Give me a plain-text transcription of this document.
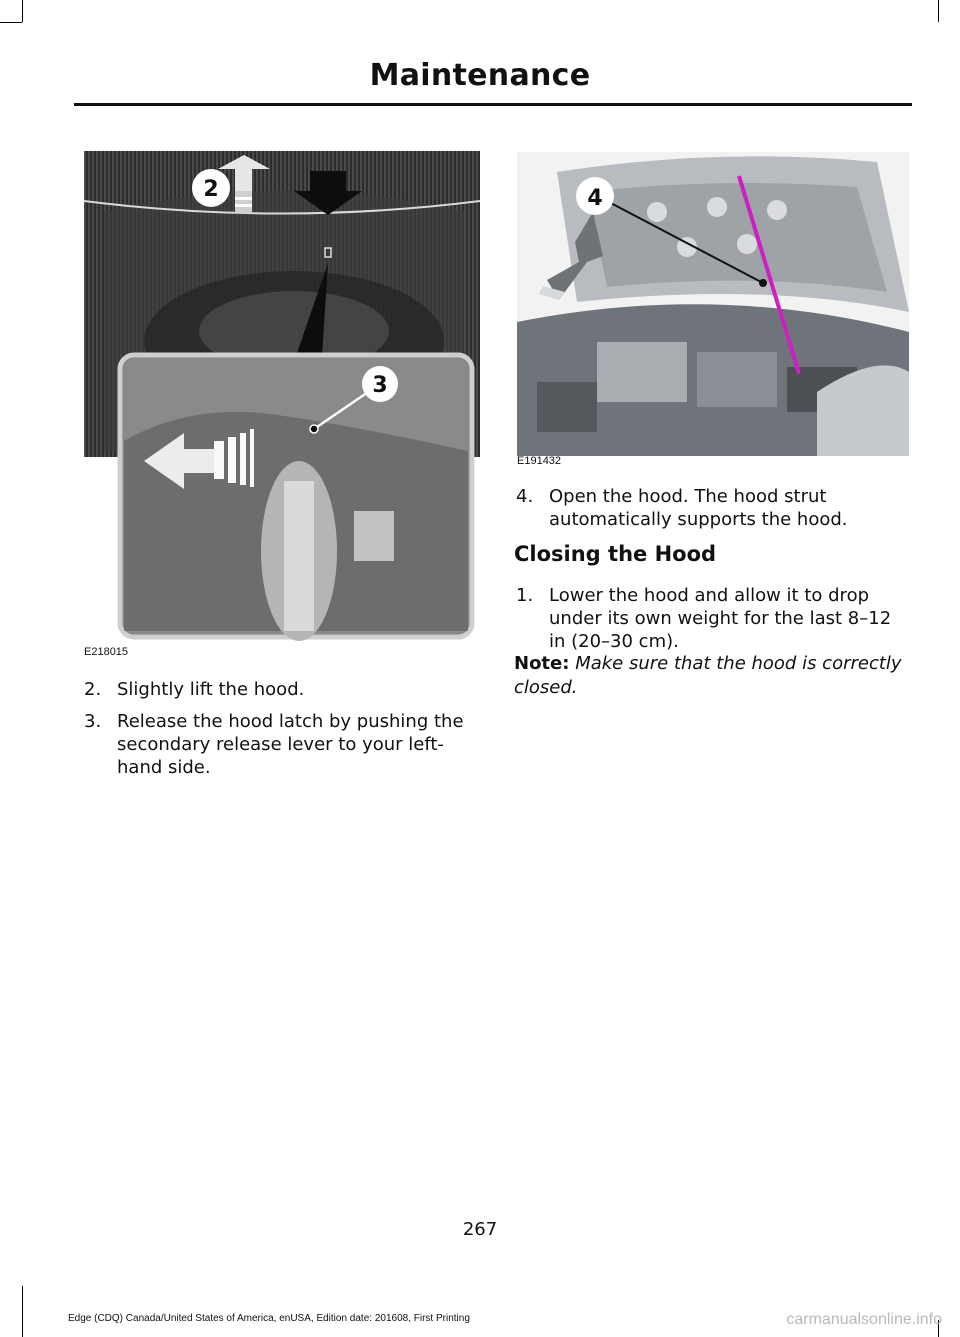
Maintenance
2
3
E218015
4
E191432
2. Slightly lift the hood.
3. Release the hood latch by pushing the secondary release lever to your left-hand side.
4. Open the hood. The hood strut automatically supports the hood.
Closing the Hood
1. Lower the hood and allow it to drop under its own weight for the last 8–12 in (20–30 cm).
Note: Make sure that the hood is correctly closed.
267
Edge (CDQ) Canada/United States of America, enUSA, Edition date: 201608, First Printing	carmanualsonline.info
